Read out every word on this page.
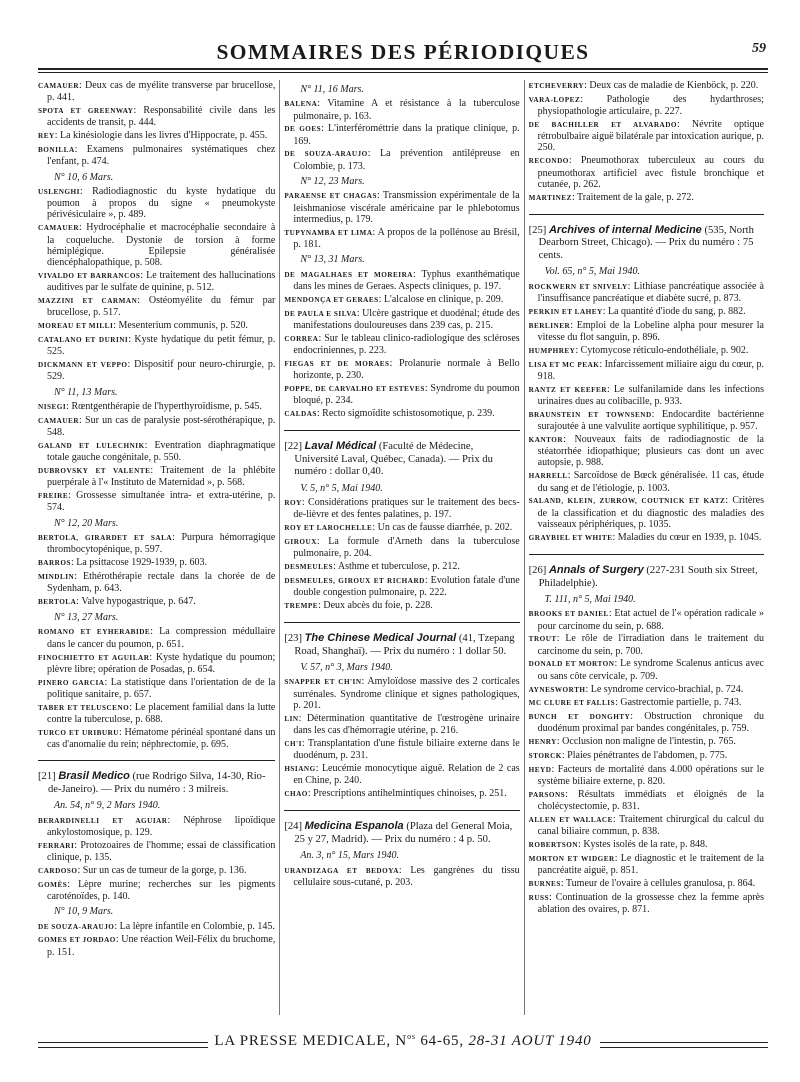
SOMMAIRES DES PÉRIODIQUES	59
CAMAUER: Deux cas de myélite transverse par brucellose, p. 441.
SPOTA ET GREENWAY: Responsabilité civile dans les accidents de transit, p. 444.
REY: La kinésiologie dans les livres d'Hippocrate, p. 455.
BONILLA: Examens pulmonaires systématiques chez l'enfant, p. 474.
N° 10, 6 Mars.
USLENGHI: Radiodiagnostic du kyste hydatique du poumon à propos du signe « pneumokyste périvésiculaire », p. 489.
CAMAUER: Hydrocéphalie et macrocéphalie secondaire à la coqueluche. Dystonie de torsion à forme hémiplégique. Epilepsie généralisée diencéphalopathique, p. 508.
VIVALDO ET BARRANCOS: Le traitement des hallucinations auditives par le sulfate de quinine, p. 512.
MAZZINI ET CARMAN: Ostéomyélite du fémur par brucellose, p. 517.
MOREAU ET MILLI: Mesenterium communis, p. 520.
CATALANO ET DURINI: Kyste hydatique du petit fémur, p. 525.
DICKMANN ET VEPPO: Dispositif pour neuro-chirurgie, p. 529.
N° 11, 13 Mars.
NISEGI: Rœntgenthérapie de l'hyperthyroïdisme, p. 545.
CAMAUER: Sur un cas de paralysie post-sérothérapique, p. 548.
GALAND ET LULECHNIK: Eventration diaphragmatique totale gauche congénitale, p. 550.
DUBROVSKY ET VALENTE: Traitement de la phlébite puerpérale à l'« Instituto de Maternidad », p. 568.
FREIRE: Grossesse simultanée intra- et extra-utérine, p. 574.
N° 12, 20 Mars.
BERTOLA, GIRARDET ET SALA: Purpura hémorragique thrombocytopénique, p. 597.
BARROS: La psittacose 1929-1939, p. 603.
MINDLIN: Ethérothérapie rectale dans la chorée de de Sydenham, p. 643.
BERTOLA: Valve hypogastrique, p. 647.
N° 13, 27 Mars.
ROMANO ET EYHERABIDE: La compression médullaire dans le cancer du poumon, p. 651.
FINOCHIETTO ET AGUILAR: Kyste hydatique du poumon; plèvre libre; opération de Posadas, p. 654.
PINERO GARCIA: La statistique dans l'orientation de de la politique sanitaire, p. 657.
TABER ET TELUSCENO: Le placement familial dans la lutte contre la tuberculose, p. 688.
TURCO ET URIBURU: Hématome périnéal spontané dans un cas d'anomalie du rein; néphrectomie, p. 695.
[21] Brasil Medico (rue Rodrigo Silva, 14-30, Rio-de-Janeiro). — Prix du numéro : 3 milreis.
An. 54, n° 9, 2 Mars 1940.
BERARDINELLI ET AGUIAR: Néphrose lipoïdique ankylostomosique, p. 129.
FERRARI: Protozoaires de l'homme; essai de classification clinique, p. 135.
CARDOSO: Sur un cas de tumeur de la gorge, p. 136.
GOMÈS: Lèpre murine; recherches sur les pigments caroténoïdes, p. 140.
N° 10, 9 Mars.
DE SOUZA-ARAUJO: La lèpre infantile en Colombie, p. 145.
GOMES ET JORDAO: Une réaction Weil-Félix du bruchome, p. 151.
N° 11, 16 Mars.
BALENA: Vitamine A et résistance à la tuberculose pulmonaire, p. 163.
DE GOES: L'interférométtrie dans la pratique clinique, p. 169.
DE SOUZA-ARAUJO: La prévention antilépreuse en Colombie, p. 173.
N° 12, 23 Mars.
PARAENSE ET CHAGAS: Transmission expérimentale de la leishmaniose viscérale américaine par le phlebotomus intermedius, p. 179.
TUPYNAMBA ET LIMA: A propos de la pollénose au Brésil, p. 181.
N° 13, 31 Mars.
DE MAGALHAES ET MOREIRA: Typhus exanthématique dans les mines de Geraes. Aspects cliniques, p. 197.
MENDONÇA ET GERAES: L'alcalose en clinique, p. 209.
DE PAULA E SILVA: Ulcère gastrique et duodénal; étude des manifestations douloureuses dans 239 cas, p. 215.
CORREA: Sur le tableau clinico-radiologique des scléroses endocriniennes, p. 223.
FIEGAS ET DE MORAES: Prolanurie normale à Bello horizonte, p. 230.
POPPE, DE CARVALHO ET ESTEVES: Syndrome du poumon bloqué, p. 234.
CALDAS: Recto sigmoïdite schistosomotique, p. 239.
[22] Laval Médical (Faculté de Médecine, Université Laval, Québec, Canada). — Prix du numéro : dollar 0,40.
V. 5, n° 5, Mai 1940.
ROY: Considérations pratiques sur le traitement des becs-de-lièvre et des fentes palatines, p. 197.
ROY ET LAROCHELLE: Un cas de fausse diarrhée, p. 202.
GIROUX: La formule d'Arneth dans la tuberculose pulmonaire, p. 204.
DESMEULES: Asthme et tuberculose, p. 212.
DESMEULES, GIROUX ET RICHARD: Evolution fatale d'une double congestion pulmonaire, p. 222.
TREMPE: Deux abcès du foie, p. 228.
[23] The Chinese Medical Journal (41, Tzepang Road, Shanghaï). — Prix du numéro : 1 dollar 50.
V. 57, n° 3, Mars 1940.
SNAPPER ET CH'IN: Amyloïdose massive des 2 corticales surrénales. Syndrome clinique et signes pathologiques, p. 201.
LIN: Détermination quantitative de l'œstrogène urinaire dans les cas d'hémorragie utérine, p. 216.
CH'I: Transplantation d'une fistule biliaire externe dans le duodénum, p. 231.
HSIANG: Leucémie monocytique aiguë. Relation de 2 cas en Chine, p. 240.
CHAO: Prescriptions antihelmintiques chinoises, p. 251.
[24] Medicina Espanola (Plaza del General Moia, 25 y 27, Madrid). — Prix du numéro : 4 p. 50.
An. 3, n° 15, Mars 1940.
URANDIZAGA ET BEDOYA: Les gangrènes du tissu cellulaire sous-cutané, p. 203.
ETCHEVERRY: Deux cas de maladie de Kienböck, p. 220.
VARA-LOPEZ: Pathologie des hydarthroses; physiopathologie articulaire, p. 227.
DE BACHILLER ET ALVARADO: Névrite optique rétrobulbaire aiguë bilatérale par intoxication aurique, p. 250.
RECONDO: Pneumothorax tuberculeux au cours du pneumothorax artificiel avec fistule bronchique et cutanée, p. 262.
MARTINEZ: Traitement de la gale, p. 272.
[25] Archives of internal Medicine (535, North Dearborn Street, Chicago). — Prix du numéro : 75 cents.
Vol. 65, n° 5, Mai 1940.
ROCKWERN ET SNIVELY: Lithiase pancréatique associée à l'insuffisance pancréatique et diabète sucré, p. 873.
PERKIN ET LAHEY: La quantité d'iode du sang, p. 882.
BERLINER: Emploi de la Lobeline alpha pour mesurer la vitesse du flot sanguin, p. 896.
HUMPHREY: Cytomycose réticulo-endothéliale, p. 902.
LISA ET MC PEAK: Infarcissement miliaire aigu du cœur, p. 918.
RANTZ ET KEEFER: Le sulfanilamide dans les infections urinaires dues au colibacille, p. 933.
BRAUNSTEIN ET TOWNSEND: Endocardite bactérienne surajoutée à une valvulite aortique syphilitique, p. 957.
KANTOR: Nouveaux faits de radiodiagnostic de la stéatorrhée idiopathique; plusieurs cas dont un avec autopsie, p. 988.
HARRELL: Sarcoïdose de Bœck généralisée. 11 cas, étude du sang et de l'étiologie, p. 1003.
SALAND, KLEIN, ZURROW, COUTNICK ET KATZ: Critères de la classification et du diagnostic des maladies des vaisseaux périphériques, p. 1035.
GRAYBIEL ET WHITE: Maladies du cœur en 1939, p. 1045.
[26] Annals of Surgery (227-231 South six Street, Philadelphie).
T. 111, n° 5, Mai 1940.
BROOKS ET DANIEL: Etat actuel de l'« opération radicale » pour carcinome du sein, p. 688.
TROUT: Le rôle de l'irradiation dans le traitement du carcinome du sein, p. 700.
DONALD ET MORTON: Le syndrome Scalenus anticus avec ou sans côte cervicale, p. 709.
AYNESWORTH: Le syndrome cervico-brachial, p. 724.
MC CLURE ET FALLIS: Gastrectomie partielle, p. 743.
BUNCH ET DONGHTY: Obstruction chronique du duodénum proximal par bandes congénitales, p. 759.
HENRY: Occlusion non maligne de l'intestin, p. 765.
STORCK: Plaies pénétrantes de l'abdomen, p. 775.
HEYD: Facteurs de mortalité dans 4.000 opérations sur le système biliaire externe, p. 820.
PARSONS: Résultats immédiats et éloignés de la cholécystectomie, p. 831.
ALLEN ET WALLACE: Traitement chirurgical du calcul du canal biliaire commun, p. 838.
ROBERTSON: Kystes isolés de la rate, p. 848.
MORTON ET WIDGER: Le diagnostic et le traitement de la pancréatite aiguë, p. 851.
BURNES: Tumeur de l'ovaire à cellules granulosa, p. 864.
RUSS: Continuation de la grossesse chez la femme après ablation des ovaires, p. 871.
LA PRESSE MEDICALE, $N^{os}$ 64-65, 28-31 AOUT 1940
